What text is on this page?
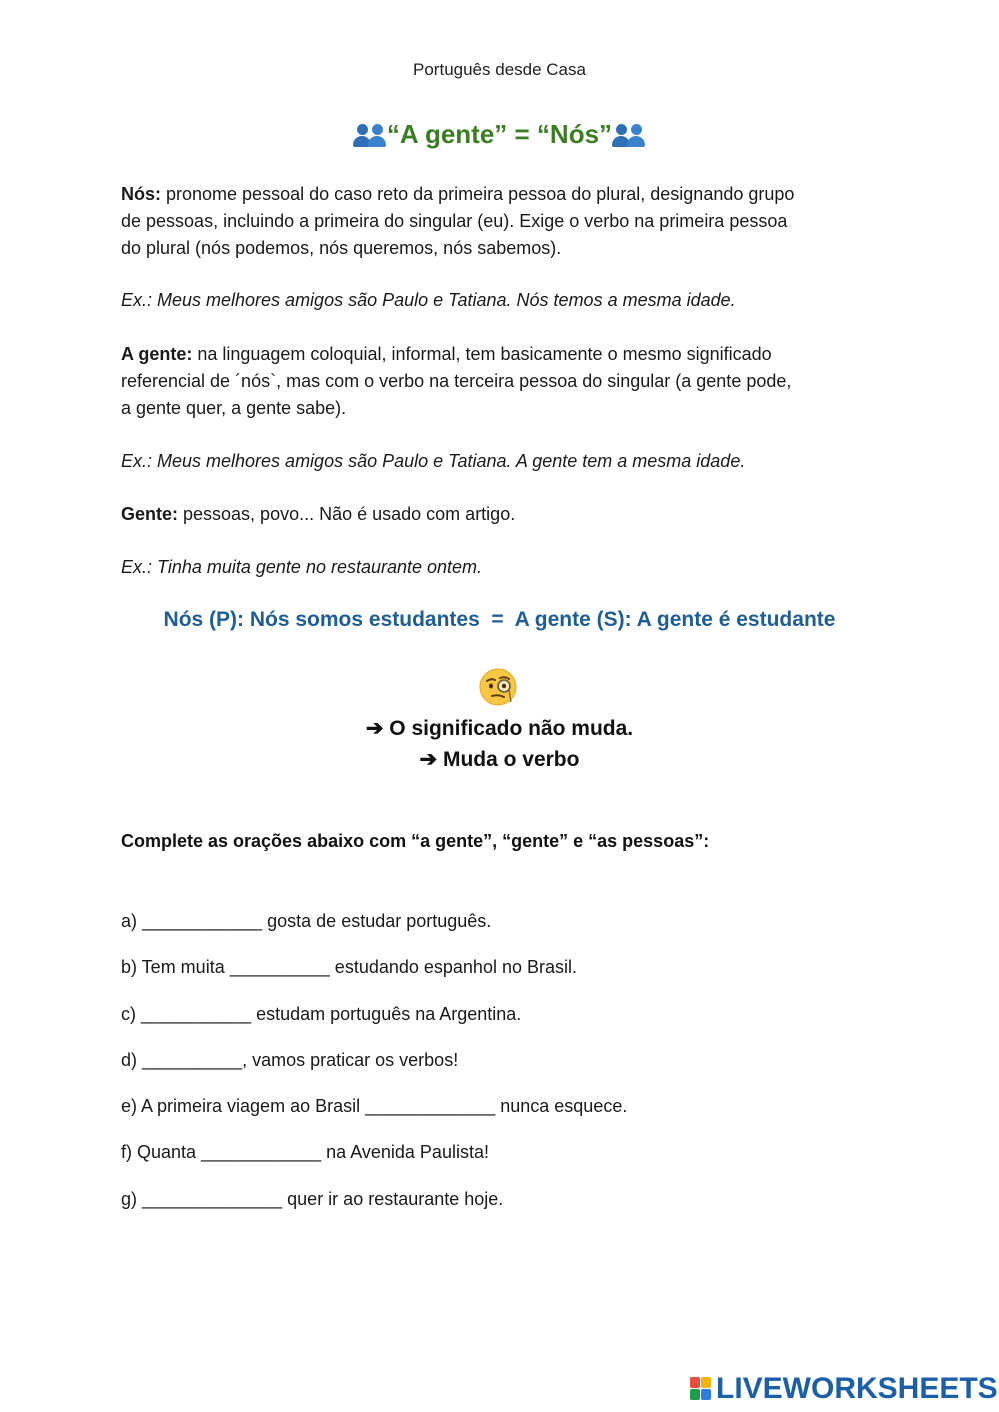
Português desde Casa
“A gente” = “Nós”
Nós: pronome pessoal do caso reto da primeira pessoa do plural, designando grupo
de pessoas, incluindo a primeira do singular (eu). Exige o verbo na primeira pessoa
do plural (nós podemos, nós queremos, nós sabemos).
Ex.: Meus melhores amigos são Paulo e Tatiana. Nós temos a mesma idade.
A gente: na linguagem coloquial, informal, tem basicamente o mesmo significado
referencial de ´nós`, mas com o verbo na terceira pessoa do singular (a gente pode,
a gente quer, a gente sabe).
Ex.: Meus melhores amigos são Paulo e Tatiana. A gente tem a mesma idade.
Gente: pessoas, povo... Não é usado com artigo.
Ex.: Tinha muita gente no restaurante ontem.
Nós (P): Nós somos estudantes  =  A gente (S): A gente é estudante
➔ O significado não muda.
➔ Muda o verbo
Complete as orações abaixo com “a gente”, “gente” e “as pessoas”:
a) ____________ gosta de estudar português.
b) Tem muita __________ estudando espanhol no Brasil.
c) ___________ estudam português na Argentina.
d) __________, vamos praticar os verbos!
e) A primeira viagem ao Brasil _____________ nunca esquece.
f) Quanta ____________ na Avenida Paulista!
g) ______________ quer ir ao restaurante hoje.
LIVEWORKSHEETS
